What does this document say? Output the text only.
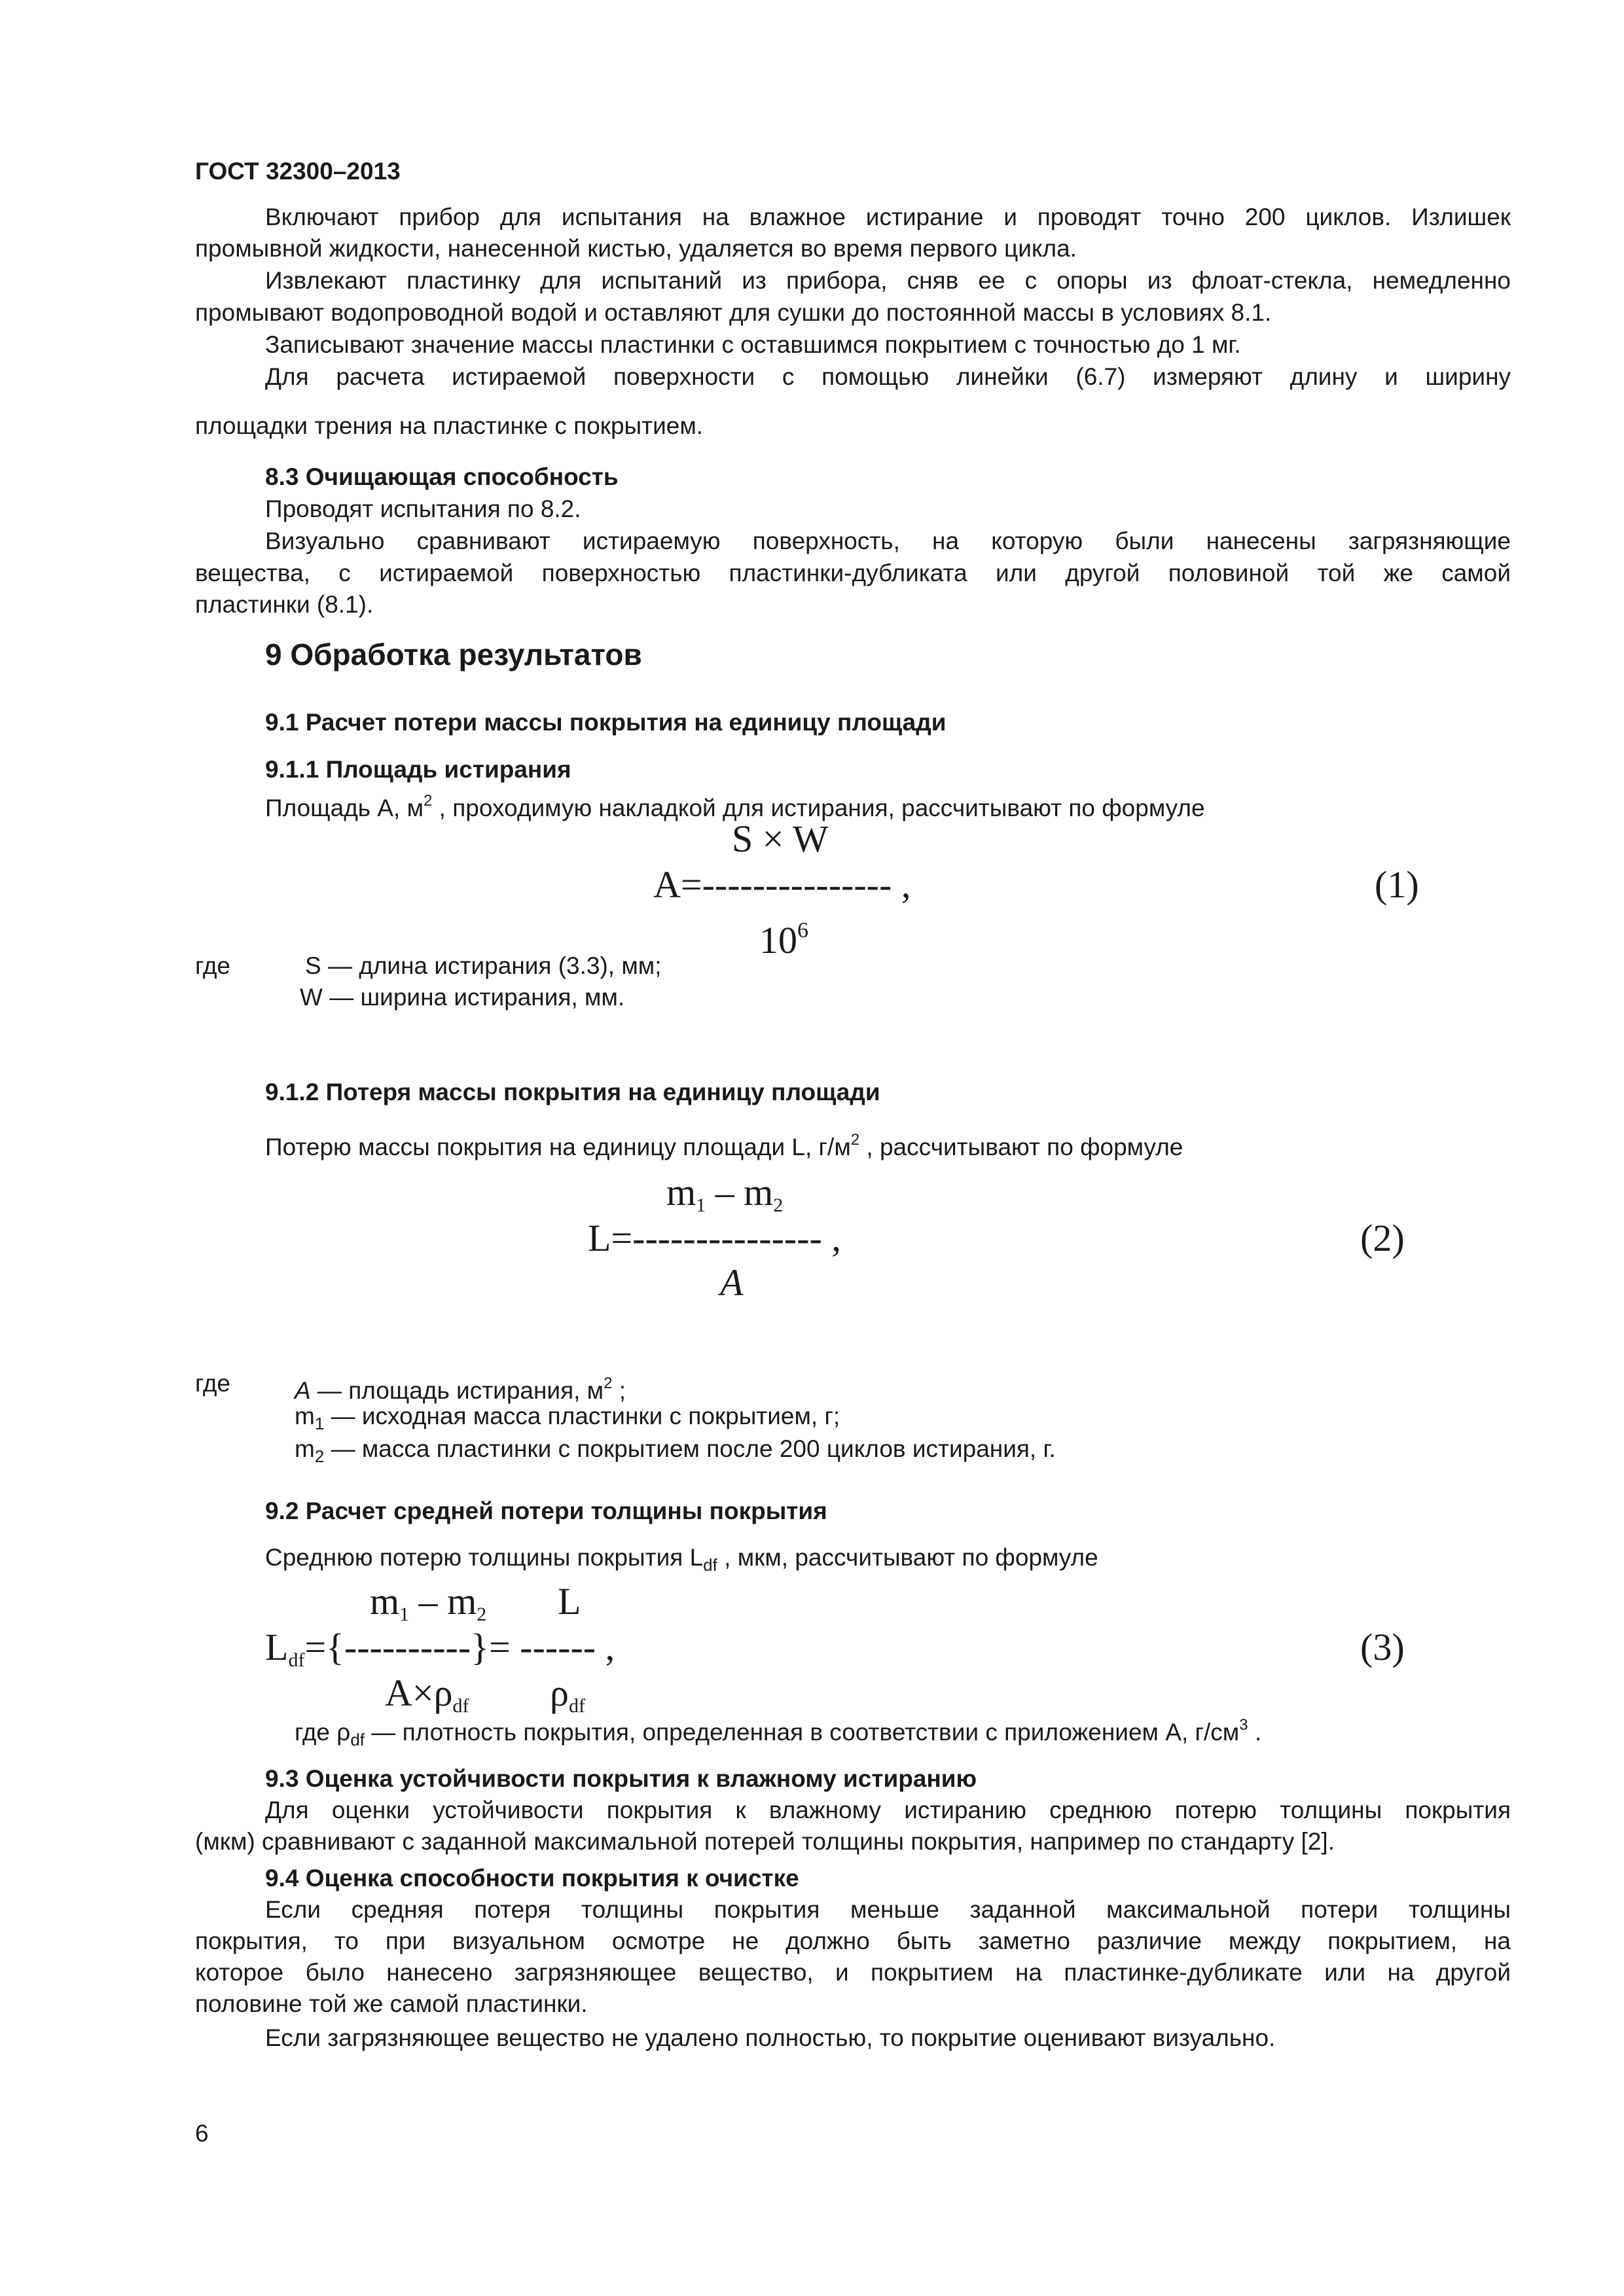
ГОСТ 32300–2013
Включают прибор для испытания на влажное истирание и проводят точно 200 циклов. Излишек
промывной жидкости, нанесенной кистью, удаляется во время первого цикла.
Извлекают пластинку для испытаний из прибора, сняв ее с опоры из флоат-стекла, немедленно
промывают водопроводной водой и оставляют для сушки до постоянной массы в условиях 8.1.
Записывают значение массы пластинки с оставшимся покрытием с точностью до 1 мг.
Для расчета истираемой поверхности с помощью линейки (6.7) измеряют длину и ширину
площадки трения на пластинке с покрытием.
8.3 Очищающая способность
Проводят испытания по 8.2.
Визуально сравнивают истираемую поверхность, на которую были нанесены загрязняющие
вещества, с истираемой поверхностью пластинки-дубликата или другой половиной той же самой
пластинки (8.1).
9 Обработка результатов
9.1 Расчет потери массы покрытия на единицу площади
9.1.1 Площадь истирания
Площадь А, $м^2$ , проходимую накладкой для истирания, рассчитывают по формуле
S × W
A=--------------- ,
$10^6$
(1)
где	S — длина истирания (3.3), мм;
W — ширина истирания, мм.
9.1.2 Потеря массы покрытия на единицу площади
Потерю массы покрытия на единицу площади L, $г/м^2$ , рассчитывают по формуле
$m_1 - m_2$
L=--------------- ,
A
(2)
где	A — площадь истирания, $м^2$ ;
$m_1$ — исходная масса пластинки с покрытием, г;
$m_2$ — масса пластинки с покрытием после 200 циклов истирания, г.
9.2 Расчет средней потери толщины покрытия
Среднюю потерю толщины покрытия $L_{df}$ , мкм, рассчитывают по формуле
$m_1 - m_2$ L
$L_{df}=\{----------\}=$ ------ ,
$A\times\rho_{df}$ $\rho_{df}$
(3)
где $\rho_{df}$ — плотность покрытия, определенная в соответствии с приложением А, $г/см^3$ .
9.3 Оценка устойчивости покрытия к влажному истиранию
Для оценки устойчивости покрытия к влажному истиранию среднюю потерю толщины покрытия
(мкм) сравнивают с заданной максимальной потерей толщины покрытия, например по стандарту [2].
9.4 Оценка способности покрытия к очистке
Если средняя потеря толщины покрытия меньше заданной максимальной потери толщины
покрытия, то при визуальном осмотре не должно быть заметно различие между покрытием, на
которое было нанесено загрязняющее вещество, и покрытием на пластинке-дубликате или на другой
половине той же самой пластинки.
Если загрязняющее вещество не удалено полностью, то покрытие оценивают визуально.
6
